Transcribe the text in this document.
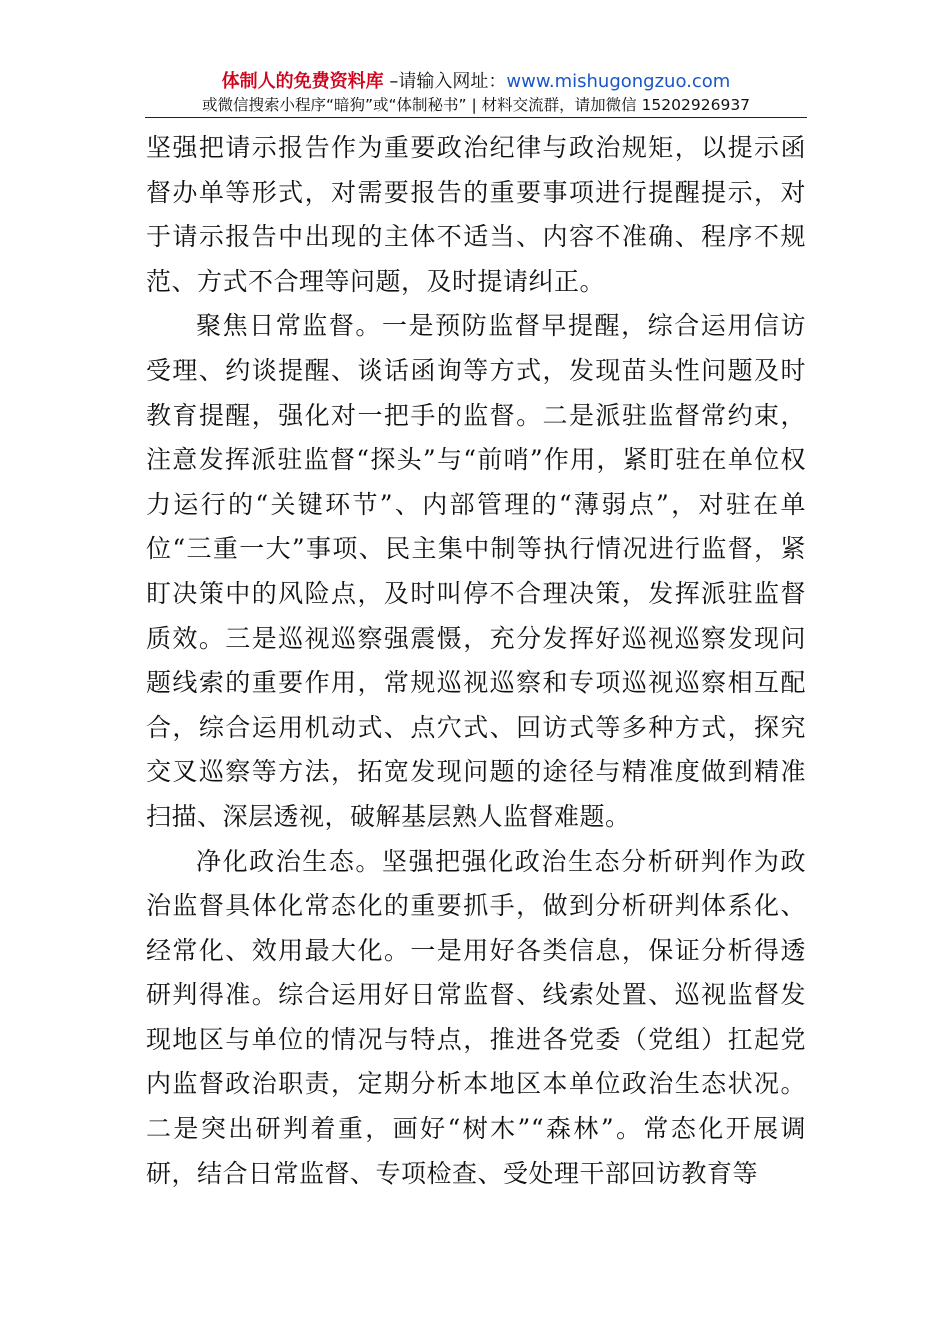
体制人的免费资料库 –请输入网址：www.mishugongzuo.com
或微信搜索小程序“暗狗”或“体制秘书” | 材料交流群，请加微信 15202926937

坚强把请示报告作为重要政治纪律与政治规矩，以提示函督办单等形式，对需要报告的重要事项进行提醒提示，对于请示报告中出现的主体不适当、内容不准确、程序不规范、方式不合理等问题，及时提请纠正。

聚焦日常监督。一是预防监督早提醒，综合运用信访受理、约谈提醒、谈话函询等方式，发现苗头性问题及时教育提醒，强化对一把手的监督。二是派驻监督常约束，注意发挥派驻监督“探头”与“前哨”作用，紧盯驻在单位权力运行的“关键环节”、内部管理的“薄弱点”，对驻在单位“三重一大”事项、民主集中制等执行情况进行监督，紧盯决策中的风险点，及时叫停不合理决策，发挥派驻监督质效。三是巡视巡察强震慑，充分发挥好巡视巡察发现问题线索的重要作用，常规巡视巡察和专项巡视巡察相互配合，综合运用机动式、点穴式、回访式等多种方式，探究交叉巡察等方法，拓宽发现问题的途径与精准度做到精准扫描、深层透视，破解基层熟人监督难题。

净化政治生态。坚强把强化政治生态分析研判作为政治监督具体化常态化的重要抓手，做到分析研判体系化、经常化、效用最大化。一是用好各类信息，保证分析得透研判得准。综合运用好日常监督、线索处置、巡视监督发现地区与单位的情况与特点，推进各党委（党组）扛起党内监督政治职责，定期分析本地区本单位政治生态状况。二是突出研判着重，画好“树木”“森林”。常态化开展调研，结合日常监督、专项检查、受处理干部回访教育等
